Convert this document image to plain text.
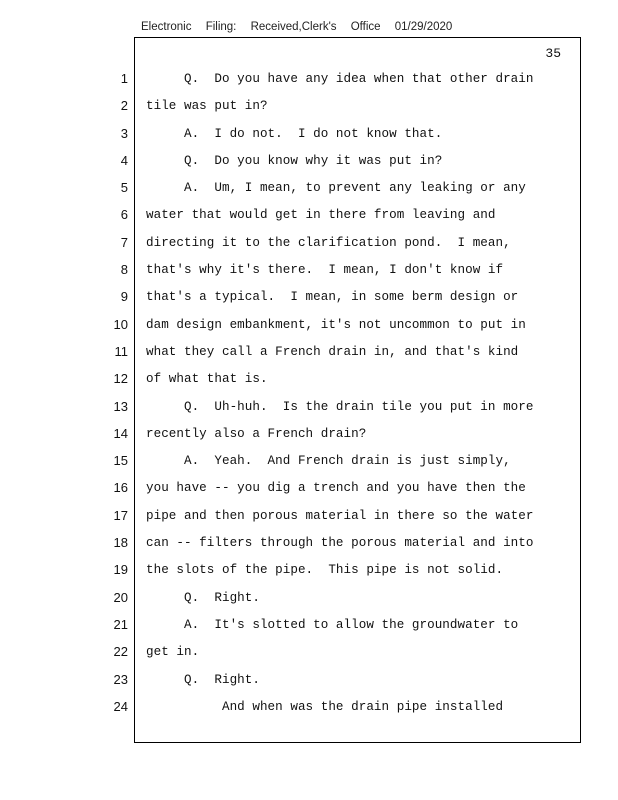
Electronic Filing: Received,Clerk's Office 01/29/2020
35
1
2
3
4
5
6
7
8
9
10
11
12
13
14
15
16
17
18
19
20
21
22
23
24
Q.  Do you have any idea when that other drain
tile was put in?
A.  I do not.  I do not know that.
Q.  Do you know why it was put in?
A.  Um, I mean, to prevent any leaking or any
water that would get in there from leaving and
directing it to the clarification pond.  I mean,
that's why it's there.  I mean, I don't know if
that's a typical.  I mean, in some berm design or
dam design embankment, it's not uncommon to put in
what they call a French drain in, and that's kind
of what that is.
Q.  Uh-huh.  Is the drain tile you put in more
recently also a French drain?
A.  Yeah.  And French drain is just simply,
you have -- you dig a trench and you have then the
pipe and then porous material in there so the water
can -- filters through the porous material and into
the slots of the pipe.  This pipe is not solid.
Q.  Right.
A.  It's slotted to allow the groundwater to
get in.
Q.  Right.
And when was the drain pipe installed
